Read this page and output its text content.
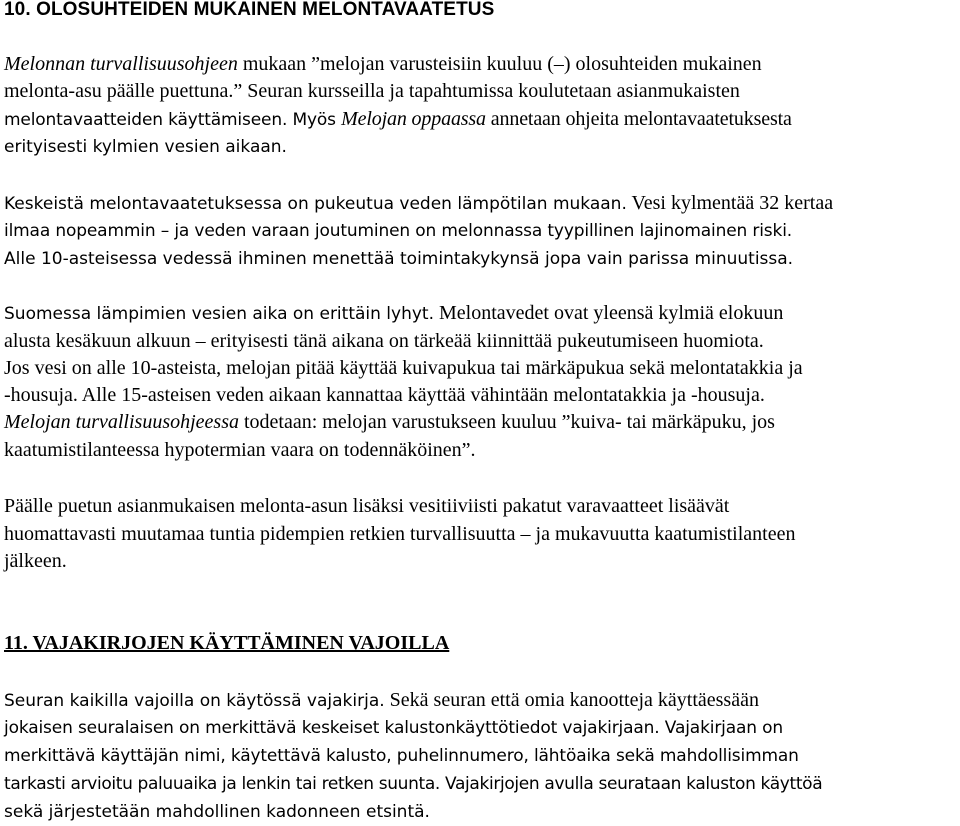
10. OLOSUHTEIDEN MUKAINEN MELONTAVAATETUS
Melonnan turvallisuusohjeen mukaan ”melojan varusteisiin kuuluu (–) olosuhteiden mukainen
melonta-asu päälle puettuna.” Seuran kursseilla ja tapahtumissa koulutetaan asianmukaisten
melontavaatteiden käyttämiseen. Myös Melojan oppaassa annetaan ohjeita melontavaatetuksesta
erityisesti kylmien vesien aikaan.
Keskeistä melontavaatetuksessa on pukeutua veden lämpötilan mukaan. Vesi kylmentää 32 kertaa
ilmaa nopeammin – ja veden varaan joutuminen on melonnassa tyypillinen lajinomainen riski.
Alle 10-asteisessa vedessä ihminen menettää toimintakykynsä jopa vain parissa minuutissa.
Suomessa lämpimien vesien aika on erittäin lyhyt. Melontavedet ovat yleensä kylmiä elokuun
alusta kesäkuun alkuun – erityisesti tänä aikana on tärkeää kiinnittää pukeutumiseen huomiota.
Jos vesi on alle 10-asteista, melojan pitää käyttää kuivapukua tai märkäpukua sekä melontatakkia ja
-housuja. Alle 15-asteisen veden aikaan kannattaa käyttää vähintään melontatakkia ja -housuja.
Melojan turvallisuusohjeessa todetaan: melojan varustukseen kuuluu ”kuiva- tai märkäpuku, jos
kaatumistilanteessa hypotermian vaara on todennäköinen”.
Päälle puetun asianmukaisen melonta-asun lisäksi vesitiiviisti pakatut varavaatteet lisäävät
huomattavasti muutamaa tuntia pidempien retkien turvallisuutta – ja mukavuutta kaatumistilanteen
jälkeen.
11. VAJAKIRJOJEN KÄYTTÄMINEN VAJOILLA
Seuran kaikilla vajoilla on käytössä vajakirja. Sekä seuran että omia kanootteja käyttäessään
jokaisen seuralaisen on merkittävä keskeiset kalustonkäyttötiedot vajakirjaan. Vajakirjaan on
merkittävä käyttäjän nimi, käytettävä kalusto, puhelinnumero, lähtöaika sekä mahdollisimman
tarkasti arvioitu paluuaika ja lenkin tai retken suunta. Vajakirjojen avulla seurataan kaluston käyttöä
sekä järjestetään mahdollinen kadonneen etsintä.
